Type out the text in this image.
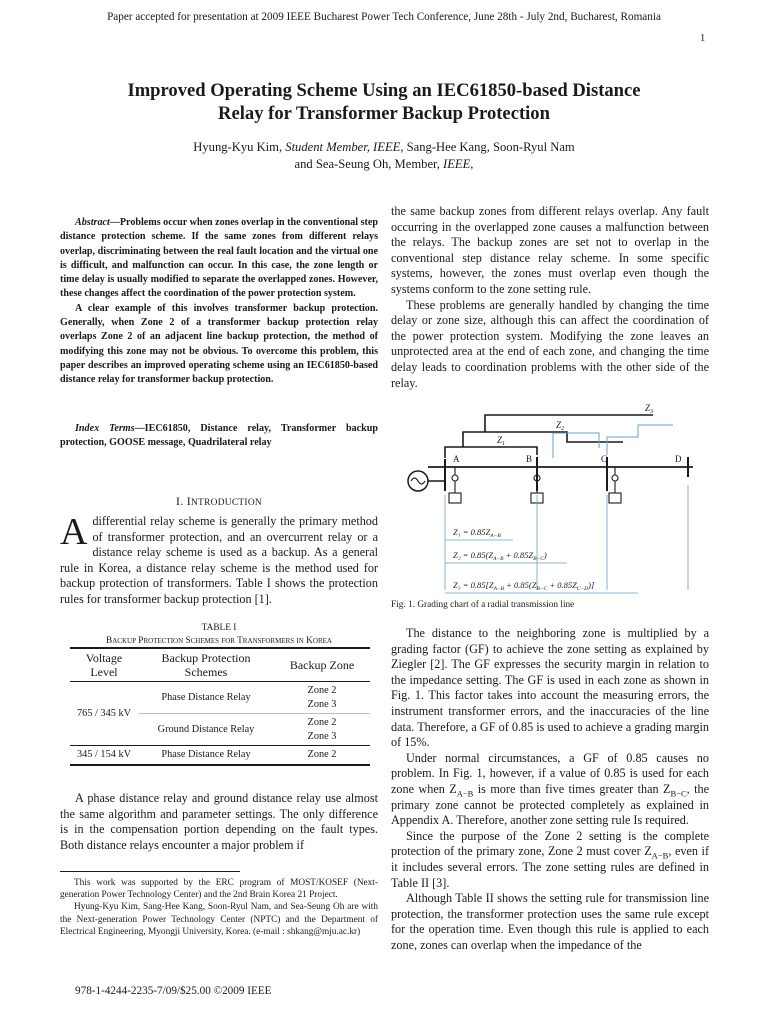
Paper accepted for presentation at 2009 IEEE Bucharest Power Tech Conference, June 28th - July 2nd, Bucharest, Romania
1
Improved Operating Scheme Using an IEC61850-based Distance
Relay for Transformer Backup Protection
Hyung-Kyu Kim, Student Member, IEEE, Sang-Hee Kang, Soon-Ryul Nam
and Sea-Seung Oh, Member, IEEE,

Abstract—Problems occur when zones overlap in the conventional step distance protection scheme. If the same zones from different relays overlap, discriminating between the real fault location and the virtual one is difficult, and malfunction can occur. In this case, the zone length or time delay is usually modified to separate the overlapped zones. However, these changes affect the coordination of the power protection system.

A clear example of this involves transformer backup protection. Generally, when Zone 2 of a transformer backup protection relay overlaps Zone 2 of an adjacent line backup protection, the method of modifying this zone may not be obvious. To overcome this problem, this paper describes an improved operating scheme using an IEC61850-based distance relay for transformer backup protection.

Index Terms—IEC61850, Distance relay, Transformer backup protection, GOOSE message, Quadrilateral relay
I. INTRODUCTION
Adifferential relay scheme is generally the primary method of transformer protection, and an overcurrent relay or a distance relay scheme is used as a backup. As a general rule in Korea, a distance relay scheme is the method used for backup protection of transformers. Table I shows the protection rules for transformer backup protection [1].
TABLE I
Backup Protection Schemes for Transformers in Korea
Voltage Level	Backup Protection Schemes	Backup Zone
765 / 345 kV	Phase Distance Relay	Zone 2
Zone 3

	Ground Distance Relay	Zone 2
Zone 3

345 / 154 kV	Phase Distance Relay	Zone 2
A phase distance relay and ground distance relay use almost the same algorithm and parameter settings. The only difference is in the compensation portion depending on the fault types. Both distance relays encounter a major problem if

This work was supported by the ERC program of MOST/KOSEF (Next-generation Power Technology Center) and the 2nd Brain Korea 21 Project.

Hyung-Kyu Kim, Sang-Hee Kang, Soon-Ryul Nam, and Sea-Seung Oh are with the Next-generation Power Technology Center (NPTC) and the Department of Electrical Engineering, Myongji University, Korea. (e-mail : shkang@mju.ac.kr)

978-1-4244-2235-7/09/$25.00 ©2009 IEEE

the same backup zones from different relays overlap. Any fault occurring in the overlapped zone causes a malfunction between the relays. The backup zones are set not to overlap in the conventional step distance relay scheme. In some specific systems, however, the zones must overlap even though the systems conform to the zone setting rule.

These problems are generally handled by changing the time delay or zone size, although this can affect the coordination of the power protection system. Modifying the zone leaves an unprotected area at the end of each zone, and changing the time delay leads to coordination problems with the other side of the relay.

$Z_1$
$Z_2$
$Z_3$
A	B	C	D
$Z_1 = 0.85Z_{A-B}$
$Z_2 = 0.85(Z_{A-B} + 0.85Z_{B-C})$
$Z_3 = 0.85[Z_{A-B} + 0.85(Z_{B-C} + 0.85Z_{C-D})]$
Fig. 1. Grading chart of a radial transmission line

The distance to the neighboring zone is multiplied by a grading factor (GF) to achieve the zone setting as explained by Ziegler [2]. The GF expresses the security margin in relation to the impedance setting. The GF is used in each zone as shown in Fig. 1. This factor takes into account the measuring errors, the instrument transformer errors, and the inaccuracies of the line data. Therefore, a GF of 0.85 is used to achieve a grading margin of 15%.

Under normal circumstances, a GF of 0.85 causes no problem. In Fig. 1, however, if a value of 0.85 is used for each zone when $Z_{A-B}$ is more than five times greater than $Z_{B-C}$, the primary zone cannot be protected completely as explained in Appendix A. Therefore, another zone setting rule Is required.

Since the purpose of the Zone 2 setting is the complete protection of the primary zone, Zone 2 must cover $Z_{A-B}$, even if it includes several errors. The zone setting rules are defined in Table II [3].

Although Table II shows the setting rule for transmission line protection, the transformer protection uses the same rule except for the operation time. Even though this rule is applied to each zone, zones can overlap when the impedance of the
